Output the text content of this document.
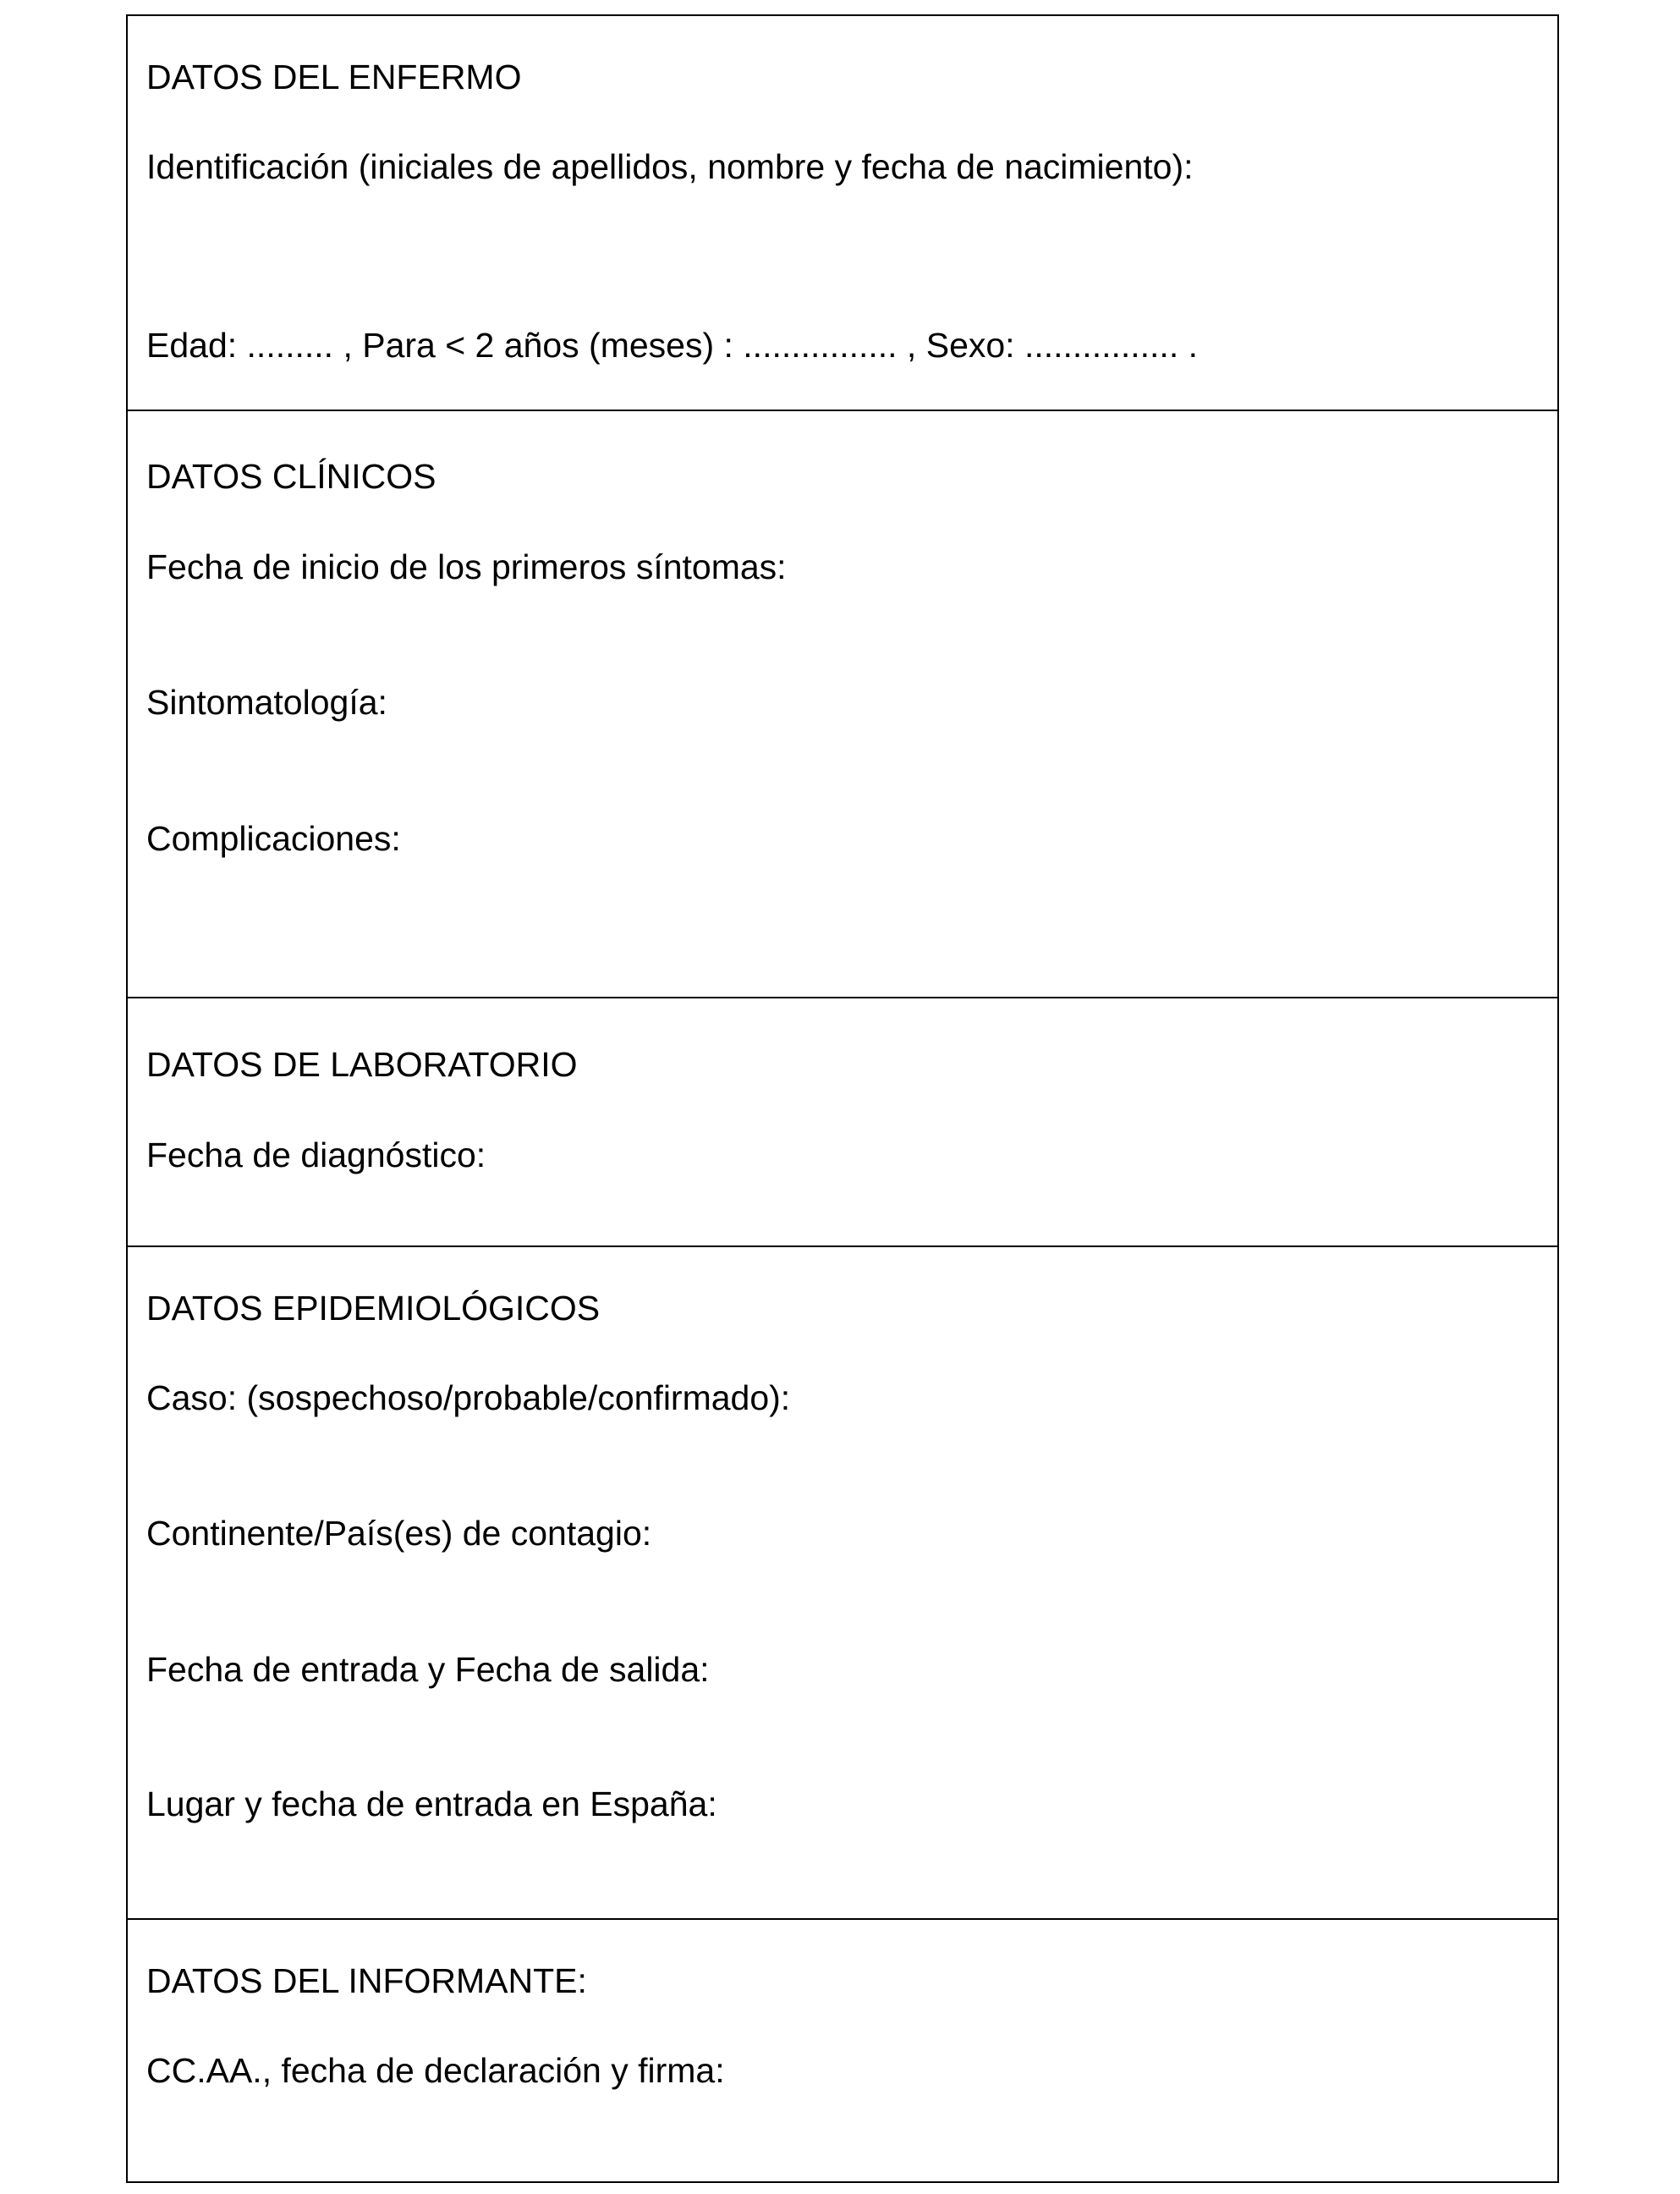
DATOS DEL ENFERMO
Identificación (iniciales de apellidos, nombre y fecha de nacimiento):
Edad: ......... , Para < 2 años (meses) : ................ , Sexo: ................ .
DATOS CLÍNICOS
Fecha de inicio de los primeros síntomas:
Sintomatología:
Complicaciones:
DATOS DE LABORATORIO
Fecha de diagnóstico:
DATOS EPIDEMIOLÓGICOS
Caso: (sospechoso/probable/confirmado):
Continente/País(es) de contagio:
Fecha de entrada y Fecha de salida:
Lugar y fecha de entrada en España:
DATOS DEL INFORMANTE:
CC.AA., fecha de declaración y firma:
